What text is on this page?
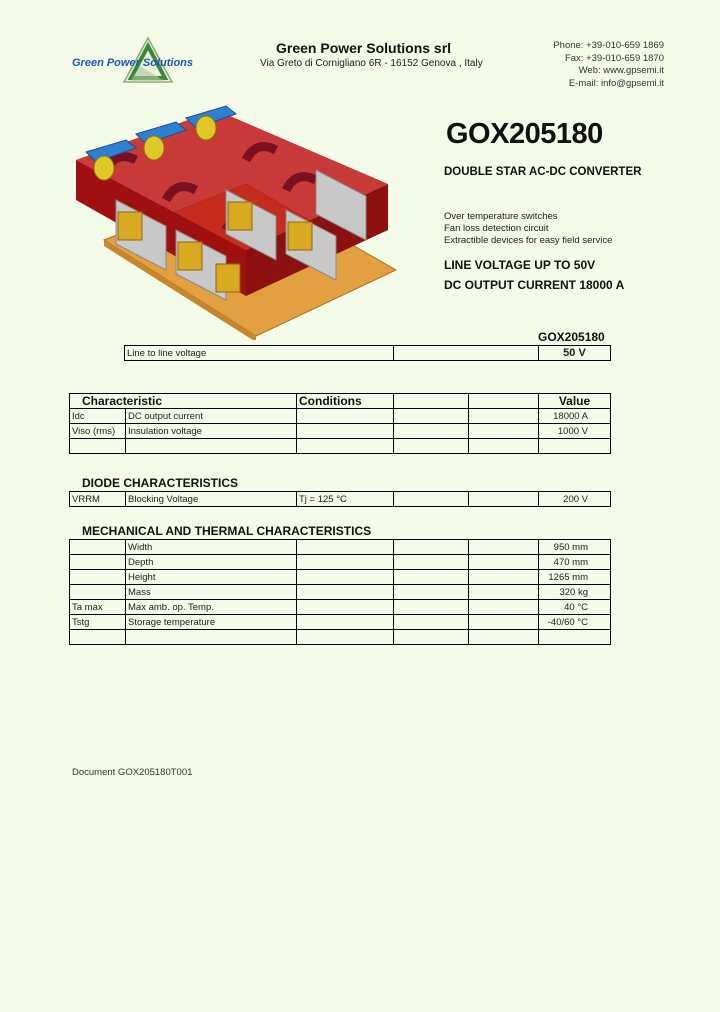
Green Power Solutions
Green Power Solutions srl
Via Greto di Cornigliano 6R - 16152 Genova , Italy
Phone: +39-010-659 1869
Fax: +39-010-659 1870
Web: www.gpsemi.it
E-mail: info@gpsemi.it
GOX205180
DOUBLE STAR AC-DC CONVERTER
Over temperature switches
Fan loss detection circuit
Extractible devices for easy field service
LINE VOLTAGE UP TO 50V
DC OUTPUT CURRENT 18000 A
GOX205180
Line to line voltage		50 V
Characteristic		Conditions			Value
Idc	DC output current				18000 A
Viso (rms)	Insulation voltage				1000 V

DIODE CHARACTERISTICS
VRRM	Blocking Voltage	Tj = 125 °C			200 V
MECHANICAL AND THERMAL CHARACTERISTICS
	Width				950 mm
	Depth				470 mm
	Height				1265 mm
	Mass				320 kg
Ta max	Max amb. op. Temp.				40 °C
Tstg	Storage temperature				-40/60 °C

Document GOX205180T001
